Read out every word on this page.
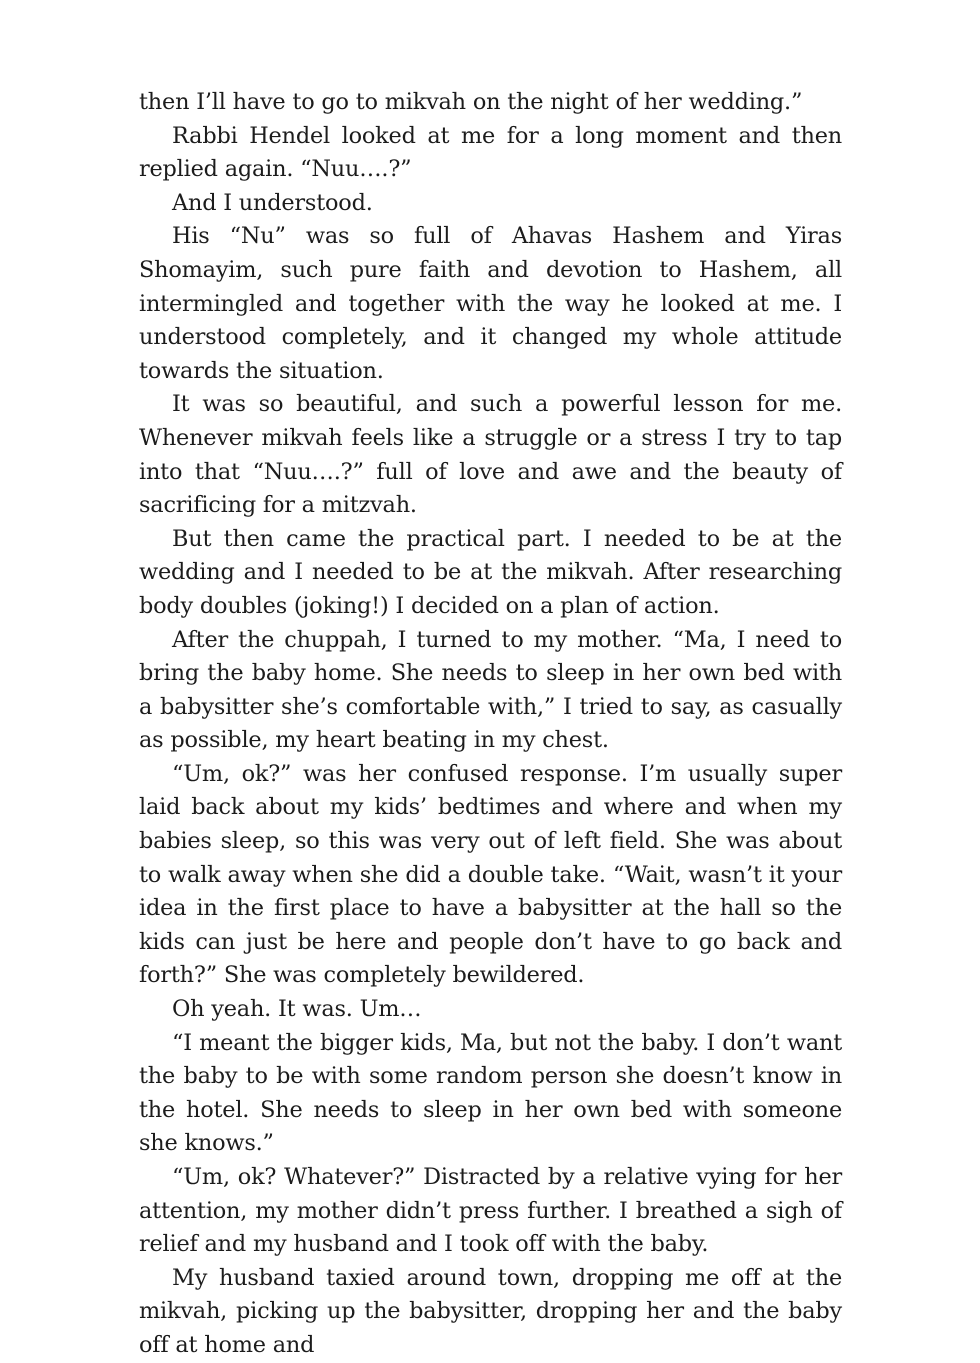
then I’ll have to go to mikvah on the night of her wedding.”

Rabbi Hendel looked at me for a long moment and then replied again. “Nuu….?”

And I understood.

His “Nu” was so full of Ahavas Hashem and Yiras Shomayim, such pure faith and devotion to Hashem, all intermingled and together with the way he looked at me. I understood completely, and it changed my whole attitude towards the situation.

It was so beautiful, and such a powerful lesson for me. Whenever mikvah feels like a struggle or a stress I try to tap into that “Nuu….?” full of love and awe and the beauty of sacrificing for a mitzvah.

But then came the practical part. I needed to be at the wedding and I needed to be at the mikvah. After researching body doubles (joking!) I decided on a plan of action.

After the chuppah, I turned to my mother. “Ma, I need to bring the baby home. She needs to sleep in her own bed with a babysitter she’s comfortable with,” I tried to say, as casually as possible, my heart beating in my chest.

“Um, ok?” was her confused response. I’m usually super laid back about my kids’ bedtimes and where and when my babies sleep, so this was very out of left field. She was about to walk away when she did a double take. “Wait, wasn’t it your idea in the first place to have a babysitter at the hall so the kids can just be here and people don’t have to go back and forth?” She was completely bewildered.

Oh yeah. It was. Um…

“I meant the bigger kids, Ma, but not the baby. I don’t want the baby to be with some random person she doesn’t know in the hotel. She needs to sleep in her own bed with someone she knows.”

“Um, ok? Whatever?” Distracted by a relative vying for her attention, my mother didn’t press further. I breathed a sigh of relief and my husband and I took off with the baby.

My husband taxied around town, dropping me off at the mikvah, picking up the babysitter, dropping her and the baby off at home and
